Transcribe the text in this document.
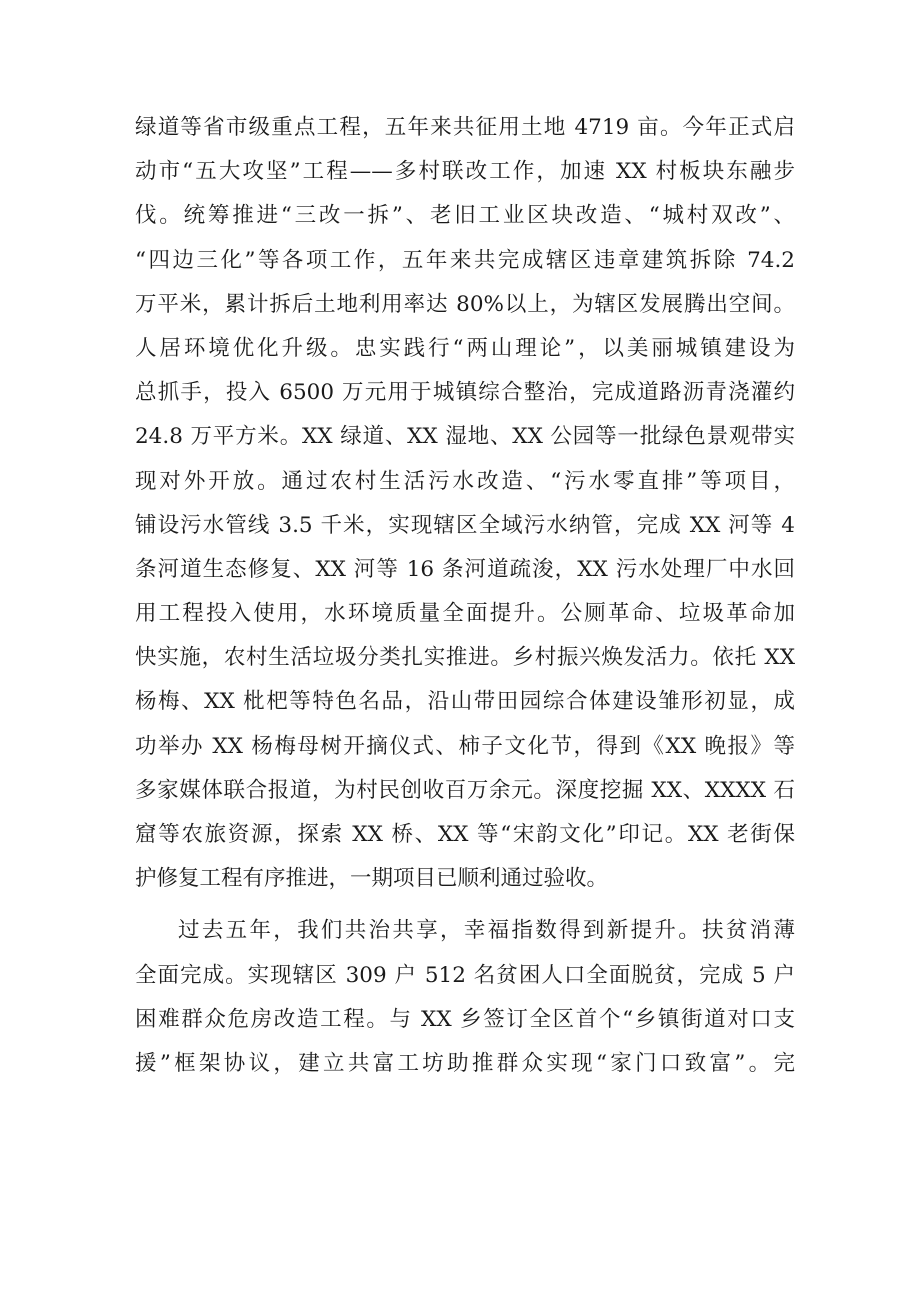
绿道等省市级重点工程，五年来共征用土地 4719 亩。今年正式启
动市“五大攻坚”工程——多村联改工作，加速 XX 村板块东融步
伐。统筹推进“三改一拆”、老旧工业区块改造、“城村双改”、
“四边三化”等各项工作，五年来共完成辖区违章建筑拆除 74.2
万平米，累计拆后土地利用率达 80%以上，为辖区发展腾出空间。
人居环境优化升级。忠实践行“两山理论”，以美丽城镇建设为
总抓手，投入 6500 万元用于城镇综合整治，完成道路沥青浇灌约
24.8 万平方米。XX 绿道、XX 湿地、XX 公园等一批绿色景观带实
现对外开放。通过农村生活污水改造、“污水零直排”等项目，
铺设污水管线 3.5 千米，实现辖区全域污水纳管，完成 XX 河等 4
条河道生态修复、XX 河等 16 条河道疏浚，XX 污水处理厂中水回
用工程投入使用，水环境质量全面提升。公厕革命、垃圾革命加
快实施，农村生活垃圾分类扎实推进。乡村振兴焕发活力。依托 XX
杨梅、XX 枇杷等特色名品，沿山带田园综合体建设雏形初显，成
功举办 XX 杨梅母树开摘仪式、柿子文化节，得到《XX 晚报》等
多家媒体联合报道，为村民创收百万余元。深度挖掘 XX、XXXX 石
窟等农旅资源，探索 XX 桥、XX 等“宋韵文化”印记。XX 老街保
护修复工程有序推进，一期项目已顺利通过验收。
过去五年，我们共治共享，幸福指数得到新提升。扶贫消薄
全面完成。实现辖区 309 户 512 名贫困人口全面脱贫，完成 5 户
困难群众危房改造工程。与 XX 乡签订全区首个“乡镇街道对口支
援”框架协议，建立共富工坊助推群众实现“家门口致富”。完
